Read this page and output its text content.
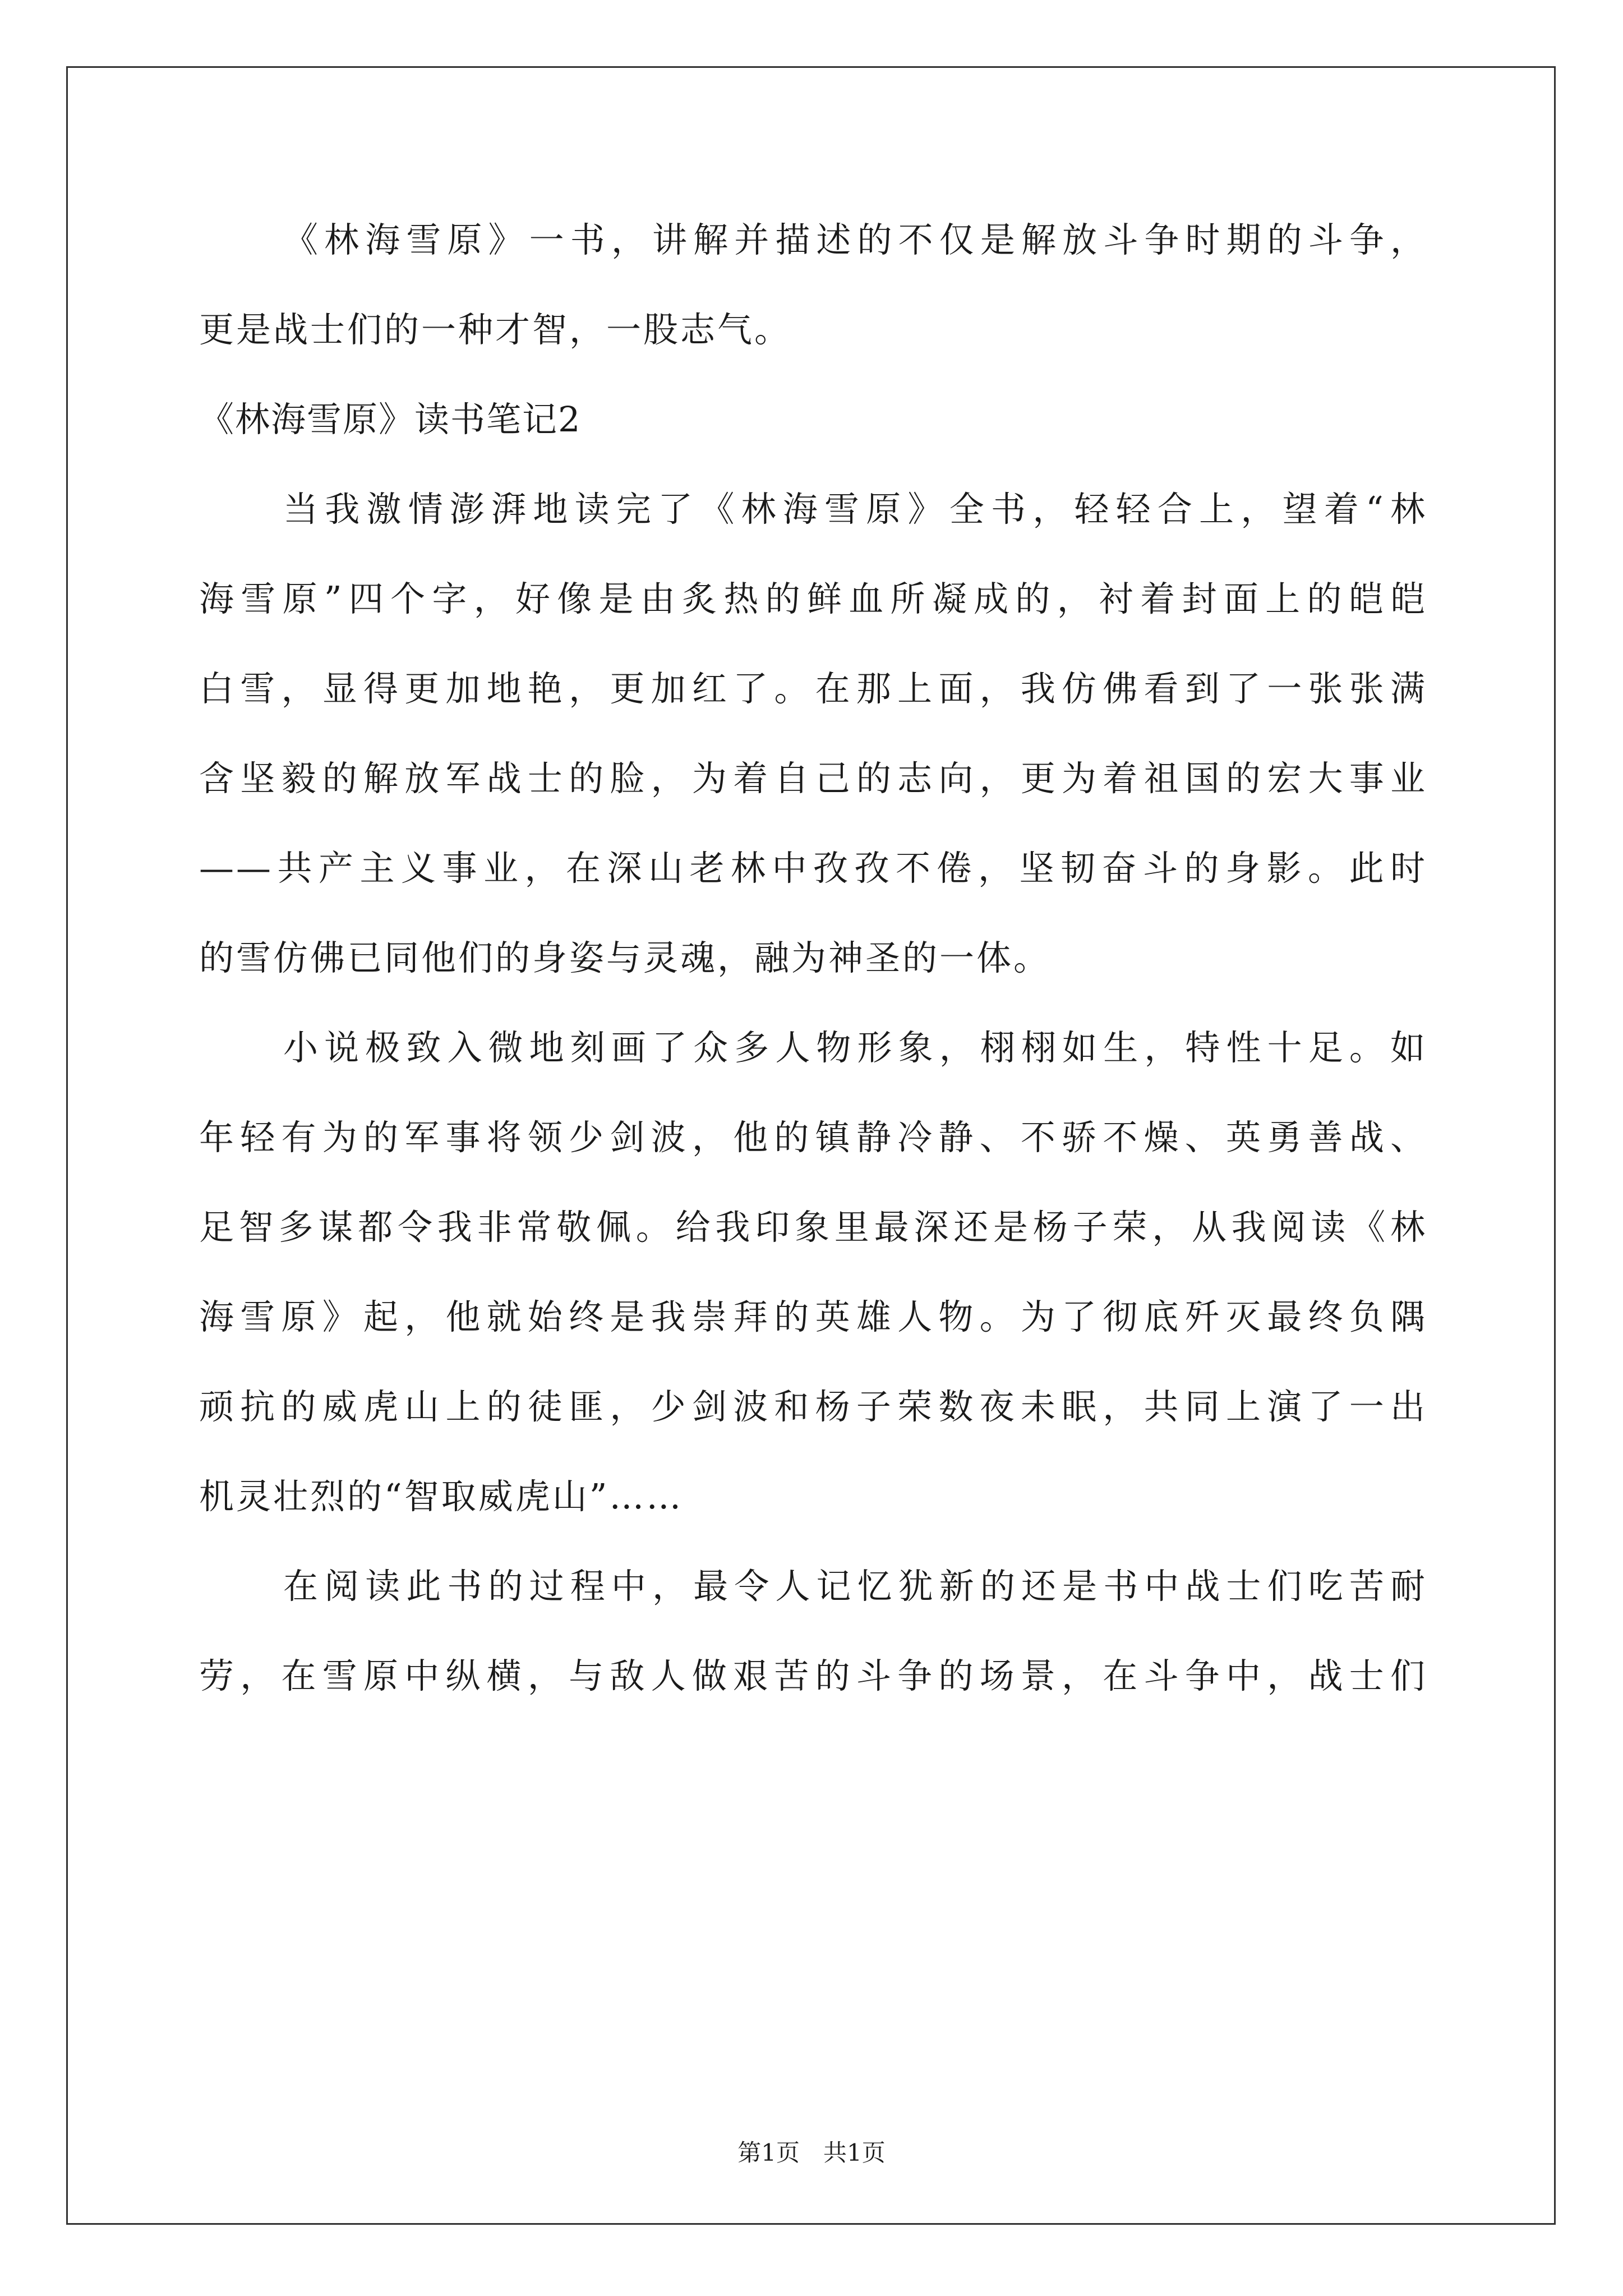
《林海雪原》一书，讲解并描述的不仅是解放斗争时期的斗争，
更是战士们的一种才智，一股志气。
《林海雪原》读书笔记2
当我激情澎湃地读完了《林海雪原》全书，轻轻合上，望着“林
海雪原”四个字，好像是由炙热的鲜血所凝成的，衬着封面上的皑皑
白雪，显得更加地艳，更加红了。在那上面，我仿佛看到了一张张满
含坚毅的解放军战士的脸，为着自己的志向，更为着祖国的宏大事业
——共产主义事业，在深山老林中孜孜不倦，坚韧奋斗的身影。此时
的雪仿佛已同他们的身姿与灵魂，融为神圣的一体。
小说极致入微地刻画了众多人物形象，栩栩如生，特性十足。如
年轻有为的军事将领少剑波，他的镇静冷静、不骄不燥、英勇善战、
足智多谋都令我非常敬佩。给我印象里最深还是杨子荣，从我阅读《林
海雪原》起，他就始终是我崇拜的英雄人物。为了彻底歼灭最终负隅
顽抗的威虎山上的徒匪，少剑波和杨子荣数夜未眠，共同上演了一出
机灵壮烈的“智取威虎山”……
在阅读此书的过程中，最令人记忆犹新的还是书中战士们吃苦耐
劳，在雪原中纵横，与敌人做艰苦的斗争的场景，在斗争中，战士们
第1页　共1页
